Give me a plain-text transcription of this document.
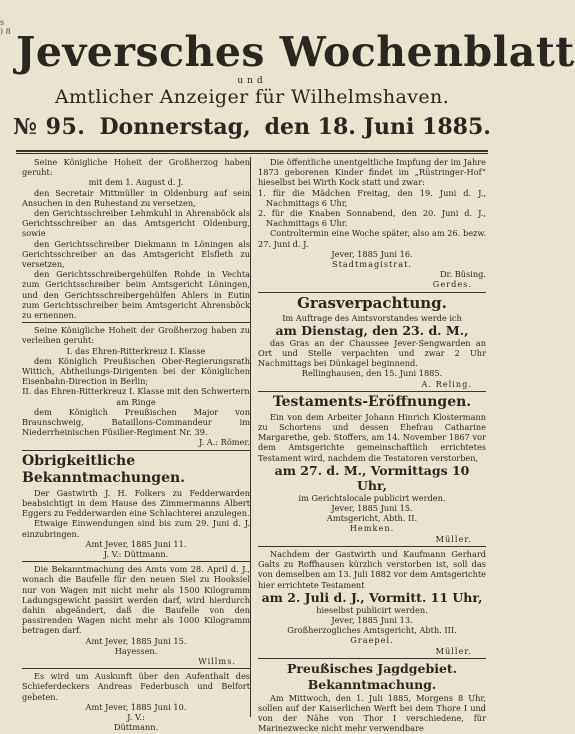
s
) 8 Jeversches Wochenblatt
und
Amtlicher Anzeiger für Wilhelmshaven.
№ 95. Donnerstag, den 18. Juni 1885.

Seine Königliche Hoheit der Großherzog haben geruht:

mit dem 1. August d. J.

den Secretair Mittmüller in Oldenburg auf sein Ansuchen in den Ruhestand zu versetzen,

den Gerichtsschreiber Lehmkuhl in Ahrensböck als Gerichtsschreiber an das Amtsgericht Oldenburg, sowie

den Gerichtsschreiber Diekmann in Löningen als Gerichtsschreiber an das Amtsgericht Elsfleth zu versetzen,

den Gerichtsschreibergehülfen Rohde in Vechta zum Gerichtsschreiber beim Amtsgericht Löningen, und den Gerichtsschreibergehülfen Ahlers in Eutin zum Gerichtsschreiber beim Amtsgericht Ahrensböck zu ernennen.

Seine Königliche Hoheit der Großherzog haben zu verleihen geruht:

I. das Ehren-Ritterkreuz I. Klasse

dem Königlich Preußischen Ober-Regierungsrath Wittich, Abtheilungs-Dirigenten bei der Königlichen Eisenbahn-Direction in Berlin;

II. das Ehren-Ritterkreuz I. Klasse mit den Schwertern am Ringe

dem Königlich Preußischen Major von Braunschweig, Bataillons-Commandeur im Niederrheinischen Füsilier-Regiment Nr. 39.

J. A.: Römer.

Obrigkeitliche Bekanntmachungen.

Der Gastwirth J. H. Folkers zu Fedderwarden beabsichtigt in dem Hause des Zimmermanns Albert Eggers zu Fedderwarden eine Schlachterei anzulegen.

Etwaige Einwendungen sind bis zum 29. Juni d. J. einzubringen.

Amt Jever, 1885 Juni 11.

J. V.: Düttmann.

Die Bekanntmachung des Amts vom 28. April d. J., wonach die Baufelle für den neuen Siel zu Hooksiel nur von Wagen mit nicht mehr als 1500 Kilogramm Ladungsgewicht passirt werden darf, wird hierdurch dahin abgeändert, daß die Baufelle von den passirenden Wagen nicht mehr als 1000 Kilogramm betragen darf.

Amt Jever, 1885 Juni 15.

Hayessen.

Willms.

Es wird um Auskunft über den Aufenthalt des Schieferdeckers Andreas Federbusch und Belfort gebeten.

Amt Jever, 1885 Juni 10.

J. V.:

Düttmann.

Die öffentliche unentgeltliche Impfung der im Jahre 1873 geborenen Kinder findet im „Rüstringer-Hof“ hieselbst bei Wirth Kock statt und zwar:

1. für die Mädchen Freitag, den 19. Juni d. J., Nachmittags 6 Uhr,

2. für die Knaben Sonnabend, den 20. Juni d. J., Nachmittags 6 Uhr.

Controltermin eine Woche später, also am 26. bezw. 27. Juni d. J.

Jever, 1885 Juni 16.

Stadtmagistrat.

Dr. Büsing.

Gerdes.

Grasverpachtung.

Im Auftrage des Amtsvorstandes werde ich

am Dienstag, den 23. d. M.,

das Gras an der Chaussee Jever-Sengwarden an Ort und Stelle verpachten und zwar 2 Uhr Nachmittags bei Dünkagel beginnend.

Rellinghausen, den 15. Juni 1885.

A. Reling.

Testaments-Eröffnungen.

Ein von dem Arbeiter Johann Hinrich Klostermann zu Schortens und dessen Ehefrau Catharine Margarethe, geb. Stoffers, am 14. November 1867 vor dem Amtsgerichte gemeinschaftlich errichtetes Testament wird, nachdem die Testatoren verstorben,

am 27. d. M., Vormittags 10 Uhr,

im Gerichtslocale publicirt werden.

Jever, 1885 Juni 15.

Amtsgericht, Abth. II.

Hemken.

Müller.

Nachdem der Gastwirth und Kaufmann Gerhard Galts zu Roffhausen kürzlich verstorben ist, soll das von demselben am 13. Juli 1882 vor dem Amtsgerichte hier errichtete Testament

am 2. Juli d. J., Vormitt. 11 Uhr,

hieselbst publicirt werden.

Jever, 1885 Juni 13.

Großherzogliches Amtsgericht, Abth. III.

Graepel.

Müller.

Preußisches Jagdgebiet.
Bekanntmachung.

Am Mittwoch, den 1. Juli 1885, Morgens 8 Uhr, sollen auf der Kaiserlichen Werft bei dem Thore I und von der Nähe von Thor I verschiedene, für Marinezwecke nicht mehr verwendbare
